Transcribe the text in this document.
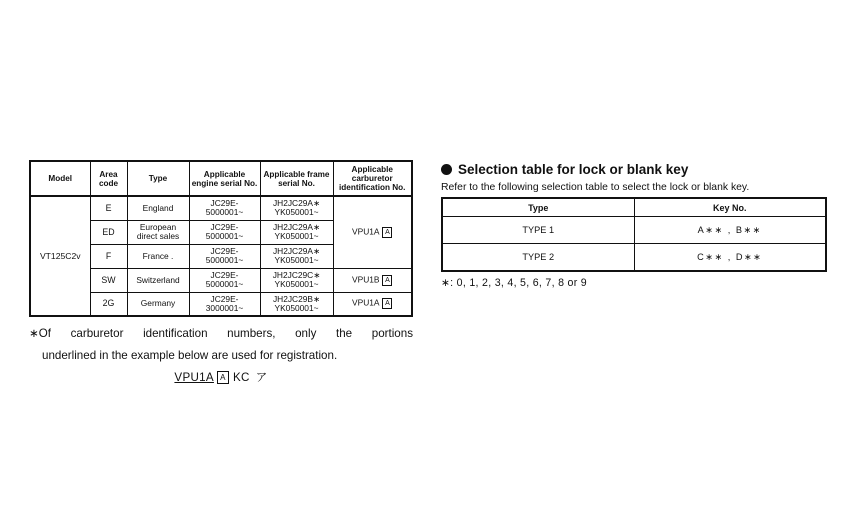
Model	Area code	Type	Applicable engine serial No.	Applicable frame serial No.	Applicable carburetor identification No.
VT125C2v	E	England	JC29E-
5000001~	JH2JC29A∗
YK050001~	VPU1A A
	ED	European direct sales	JC29E-
5000001~	JH2JC29A∗
YK050001~	
	F	France .	JC29E-
5000001~	JH2JC29A∗
YK050001~	
	SW	Switzerland	JC29E-
5000001~	JH2JC29C∗
YK050001~	VPU1B A
	2G	Germany	JC29E-
3000001~	JH2JC29B∗
YK050001~	VPU1A A
∗Of carburetor identification numbers, only the portions
underlined in the example below are used for registration.
VPU1A A KC ア
Selection table for lock or blank key
Refer to the following selection table to select the lock or blank key.
Type	Key No.
TYPE 1	A∗∗ , B∗∗
TYPE 2	C∗∗ , D∗∗
∗: 0, 1, 2, 3, 4, 5, 6, 7, 8 or 9
